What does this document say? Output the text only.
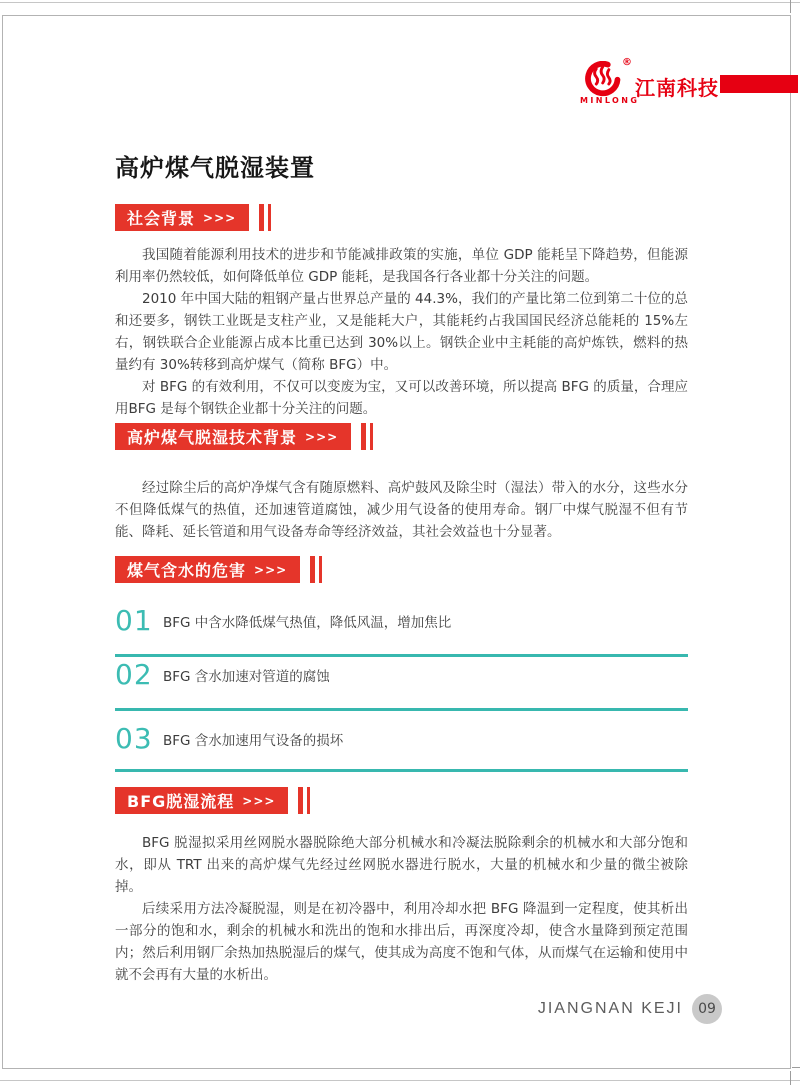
®
MINLONG
江南科技
高炉煤气脱湿装置
社会背景 >>>

我国随着能源利用技术的进步和节能减排政策的实施，单位 GDP 能耗呈下降趋势，但能源利用率仍然较低，如何降低单位 GDP 能耗，是我国各行各业都十分关注的问题。

2010 年中国大陆的粗钢产量占世界总产量的 44.3%，我们的产量比第二位到第二十位的总和还要多，钢铁工业既是支柱产业，又是能耗大户，其能耗约占我国国民经济总能耗的 15%左右，钢铁联合企业能源占成本比重已达到 30%以上。钢铁企业中主耗能的高炉炼铁，燃料的热量约有 30%转移到高炉煤气（简称 BFG）中。

对 BFG 的有效利用，不仅可以变废为宝，又可以改善环境，所以提高 BFG 的质量，合理应用BFG 是每个钢铁企业都十分关注的问题。

高炉煤气脱湿技术背景 >>>

经过除尘后的高炉净煤气含有随原燃料、高炉鼓风及除尘时（湿法）带入的水分，这些水分不但降低煤气的热值，还加速管道腐蚀，减少用气设备的使用寿命。钢厂中煤气脱湿不但有节能、降耗、延长管道和用气设备寿命等经济效益，其社会效益也十分显著。

煤气含水的危害 >>>
01 BFG 中含水降低煤气热值，降低风温，增加焦比
02 BFG 含水加速对管道的腐蚀
03 BFG 含水加速用气设备的损坏
BFG脱湿流程 >>>

BFG 脱湿拟采用丝网脱水器脱除绝大部分机械水和冷凝法脱除剩余的机械水和大部分饱和水，即从 TRT 出来的高炉煤气先经过丝网脱水器进行脱水，大量的机械水和少量的微尘被除掉。

后续采用方法冷凝脱湿，则是在初冷器中，利用冷却水把 BFG 降温到一定程度，使其析出一部分的饱和水，剩余的机械水和洗出的饱和水排出后，再深度冷却，使含水量降到预定范围内；然后利用钢厂余热加热脱湿后的煤气，使其成为高度不饱和气体，从而煤气在运输和使用中就不会再有大量的水析出。

JIANGNAN KEJI	09
